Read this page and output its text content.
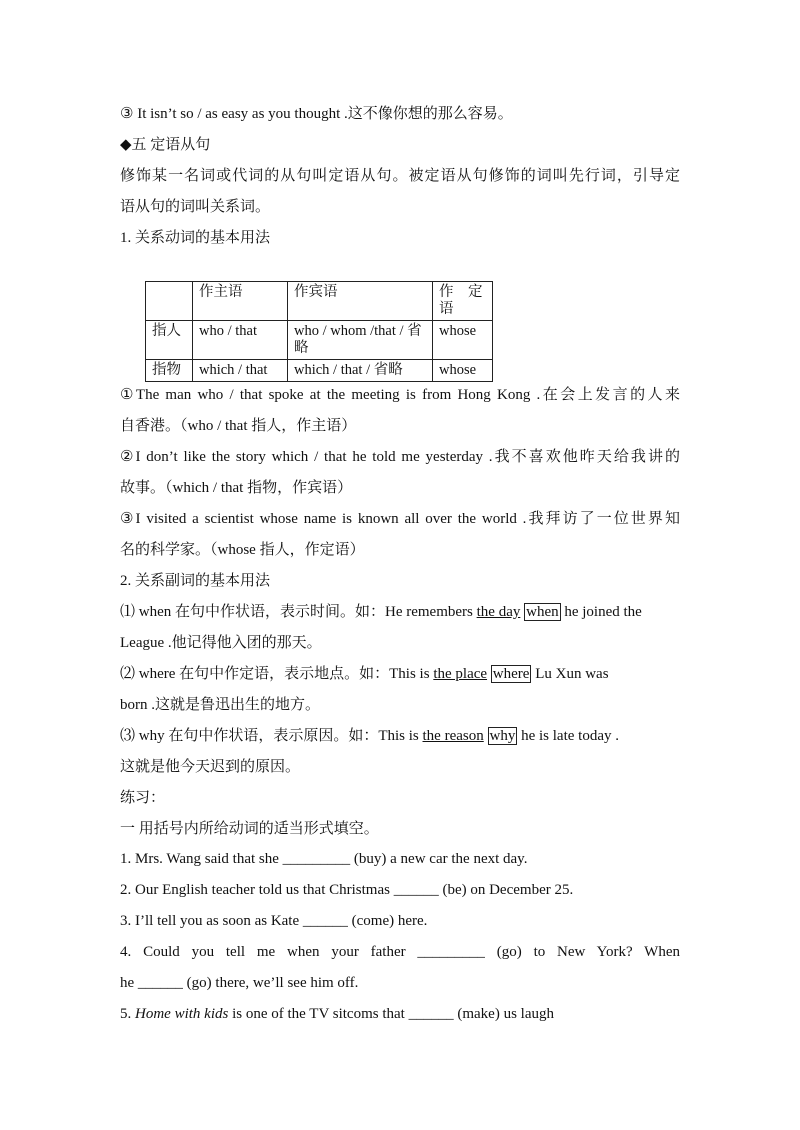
③ It isn’t so / as easy as you thought .这不像你想的那么容易。
◆五 定语从句
修饰某一名词或代词的从句叫定语从句。被定语从句修饰的词叫先行词，引导定
语从句的词叫关系词。
1. 关系动词的基本用法
	作主语	作宾语	作　定语
指人	who / that	who / whom /that / 省略	whose
指物	which / that	which / that / 省略	whose
①The man who / that spoke at the meeting is from Hong Kong .在会上发言的人来
自香港。（who / that 指人，作主语）
②I don’t like the story which / that he told me yesterday .我不喜欢他昨天给我讲的
故事。（which / that 指物，作宾语）
③I visited a scientist whose name is known all over the world .我拜访了一位世界知
名的科学家。（whose 指人，作定语）
2. 关系副词的基本用法
⑴ when 在句中作状语，表示时间。如：He remembers the day when he joined the
League .他记得他入团的那天。
⑵ where 在句中作定语，表示地点。如：This is the place where Lu Xun was
born .这就是鲁迅出生的地方。
⑶ why 在句中作状语，表示原因。如：This is the reason why he is late today .
这就是他今天迟到的原因。
练习：
一 用括号内所给动词的适当形式填空。
1. Mrs. Wang said that she _________ (buy) a new car the next day.
2. Our English teacher told us that Christmas ______ (be) on December 25.
3. I’ll tell you as soon as Kate ______ (come) here.
4. Could you tell me when your father _________ (go) to New York? When
he ______ (go) there, we’ll see him off.
5. Home with kids is one of the TV sitcoms that ______ (make) us laugh
